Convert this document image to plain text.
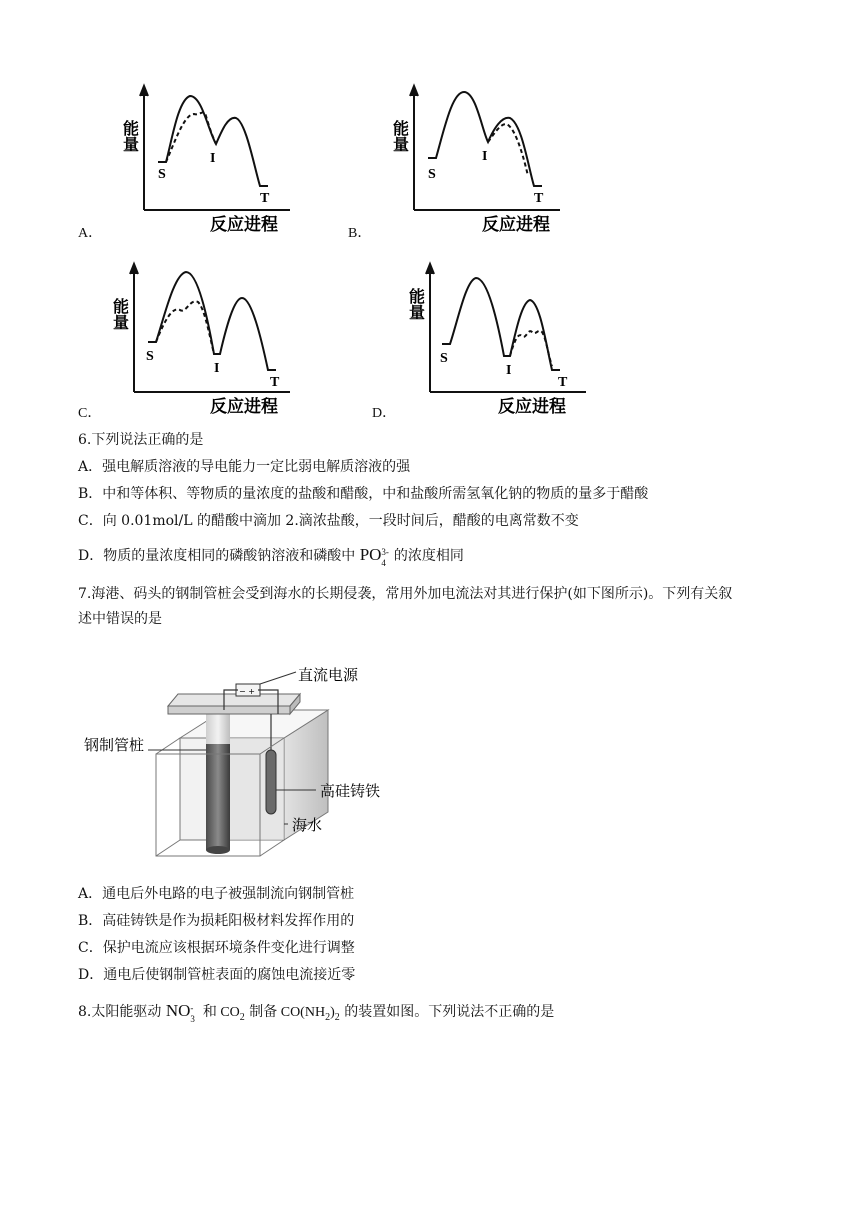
能量
S
I
T
反应进程
A．
能量
S
I
T
反应进程
B．
能量
S
I
T
反应进程
C．
能量
S
I
T
反应进程
D．
6.下列说法正确的是
A．强电解质溶液的导电能力一定比弱电解质溶液的强
B．中和等体积、等物质的量浓度的盐酸和醋酸，中和盐酸所需氢氧化钠的物质的量多于醋酸
C．向 0.01mol/L 的醋酸中滴加 2.滴浓盐酸，一段时间后，醋酸的电离常数不变
D．物质的量浓度相同的磷酸钠溶液和磷酸中 PO 3-
4 的浓度相同
7.海港、码头的钢制管桩会受到海水的长期侵袭，常用外加电流法对其进行保护(如下图所示)。下列有关叙
述中错误的是
− +
直流电源
钢制管桩
高硅铸铁
海水
A．通电后外电路的电子被强制流向钢制管桩
B．高硅铸铁是作为损耗阳极材料发挥作用的
C．保护电流应该根据环境条件变化进行调整
D．通电后使钢制管桩表面的腐蚀电流接近零
8.太阳能驱动 NO -
3 和 $CO_2$ 制备 $CO(NH_2)_2$ 的装置如图。下列说法不正确的是
